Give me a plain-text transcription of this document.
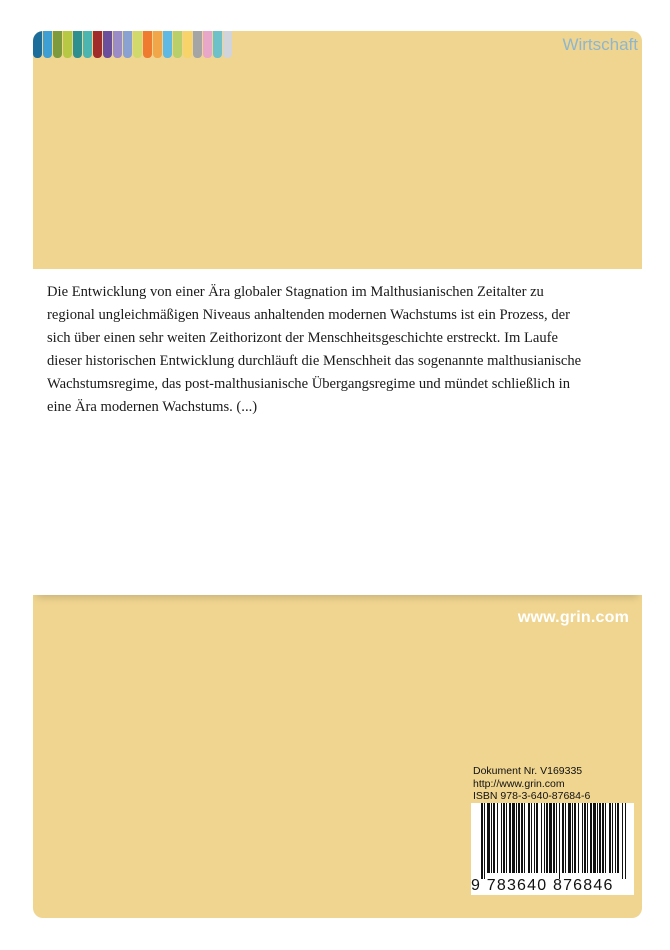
Wirtschaft

Die Entwicklung von einer Ära globaler Stagnation im Malthusianischen Zeitalter zu regional ungleichmäßigen Niveaus anhaltenden modernen Wachstums ist ein Prozess, der sich über einen sehr weiten Zeithorizont der Menschheitsgeschichte erstreckt. Im Laufe dieser historischen Entwicklung durchläuft die Menschheit das sogenannte malthusianische Wachstumsregime, das post-malthusianische Übergangsregime und mündet schließlich in eine Ära modernen Wachstums. (...)

www.grin.com
Dokument Nr. V169335
http://www.grin.com
ISBN 978-3-640-87684-6
9 783640 876846
